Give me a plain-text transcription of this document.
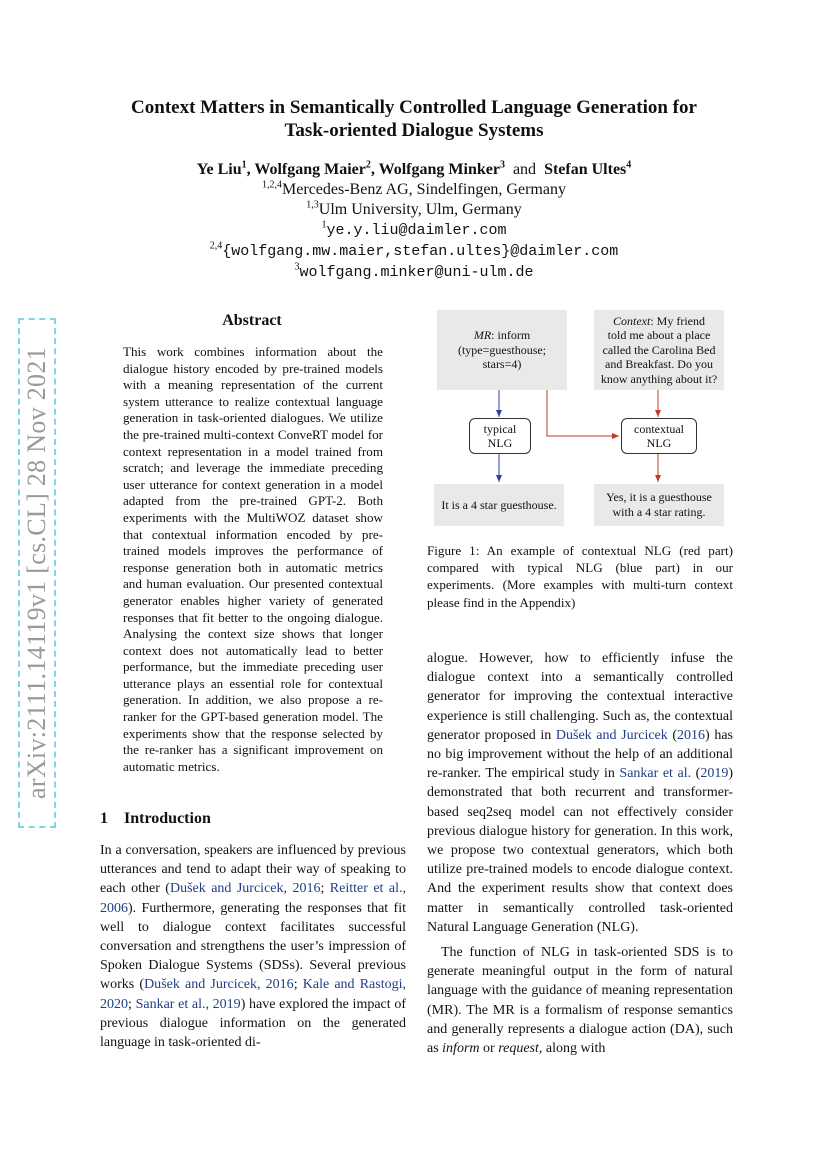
arXiv:2111.14119v1 [cs.CL] 28 Nov 2021
Context Matters in Semantically Controlled Language Generation for
Task-oriented Dialogue Systems
Ye Liu$^1$, Wolfgang Maier$^2$, Wolfgang Minker$^3$ and Stefan Ultes$^4$
$^{1,2,4}$Mercedes-Benz AG, Sindelfingen, Germany
$^{1,3}$Ulm University, Ulm, Germany
$^1$ye.y.liu@daimler.com
$^{2,4}${wolfgang.mw.maier,stefan.ultes}@daimler.com
$^3$wolfgang.minker@uni-ulm.de
Abstract
This work combines information about the dialogue history encoded by pre-trained models with a meaning representation of the current system utterance to realize contextual language generation in task-oriented dialogues. We utilize the pre-trained multi-context ConveRT model for context representation in a model trained from scratch; and leverage the immediate preceding user utterance for context generation in a model adapted from the pre-trained GPT-2. Both experiments with the MultiWOZ dataset show that contextual information encoded by pre-trained models improves the performance of response generation both in automatic metrics and human evaluation. Our presented contextual generator enables higher variety of generated responses that fit better to the ongoing dialogue. Analysing the context size shows that longer context does not automatically lead to better performance, but the immediate preceding user utterance plays an essential role for contextual generation. In addition, we also propose a re-ranker for the GPT-based generation model. The experiments show that the response selected by the re-ranker has a significant improvement on automatic metrics.
1 Introduction
In a conversation, speakers are influenced by previous utterances and tend to adapt their way of speaking to each other (Dušek and Jurcicek, 2016; Reitter et al., 2006). Furthermore, generating the responses that fit well to dialogue context facilitates successful conversation and strengthens the user’s impression of Spoken Dialogue Systems (SDSs). Several previous works (Dušek and Jurcicek, 2016; Kale and Rastogi, 2020; Sankar et al., 2019) have explored the impact of previous dialogue information on the generated language in task-oriented di-

alogue. However, how to efficiently infuse the dialogue context into a semantically controlled generator for improving the contextual interactive experience is still challenging. Such as, the contextual generator proposed in Dušek and Jurcicek (2016) has no big improvement without the help of an additional re-ranker. The empirical study in Sankar et al. (2019) demonstrated that both recurrent and transformer-based seq2seq model can not effectively consider previous dialogue history for generation. In this work, we propose two contextual generators, which both utilize pre-trained models to encode dialogue context. And the experiment results show that context does matter in semantically controlled task-oriented Natural Language Generation (NLG).

The function of NLG in task-oriented SDS is to generate meaningful output in the form of natural language with the guidance of meaning representation (MR). The MR is a formalism of response semantics and generally represents a dialogue action (DA), such as inform or request, along with

MR: inform
(type=guesthouse;
stars=4)
Context: My friend
told me about a place
called the Carolina Bed
and Breakfast. Do you
know anything about it?
typical
NLG
contextual
NLG
It is a 4 star guesthouse.
Yes, it is a guesthouse
with a 4 star rating.
Figure 1: An example of contextual NLG (red part) compared with typical NLG (blue part) in our experiments. (More examples with multi-turn context please find in the Appendix)
